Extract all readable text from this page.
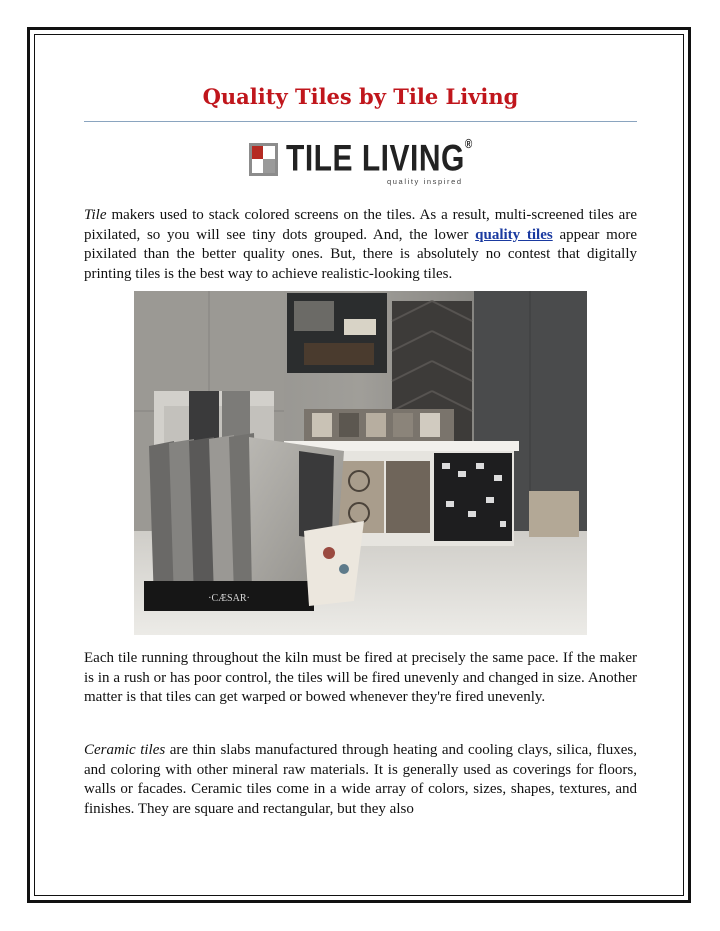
Quality Tiles by Tile Living
TILE LIVING®
quality inspired

Tile makers used to stack colored screens on the tiles. As a result, multi-screened tiles are pixilated, so you will see tiny dots grouped. And, the lower quality tiles appear more pixilated than the better quality ones. But, there is absolutely no contest that digitally printing tiles is the best way to achieve realistic-looking tiles.

·CÆSAR·

Each tile running throughout the kiln must be fired at precisely the same pace. If the maker is in a rush or has poor control, the tiles will be fired unevenly and changed in size. Another matter is that tiles can get warped or bowed whenever they're fired unevenly.

Ceramic tiles are thin slabs manufactured through heating and cooling clays, silica, fluxes, and coloring with other mineral raw materials. It is generally used as coverings for floors, walls or facades. Ceramic tiles come in a wide array of colors, sizes, shapes, textures, and finishes. They are square and rectangular, but they also
